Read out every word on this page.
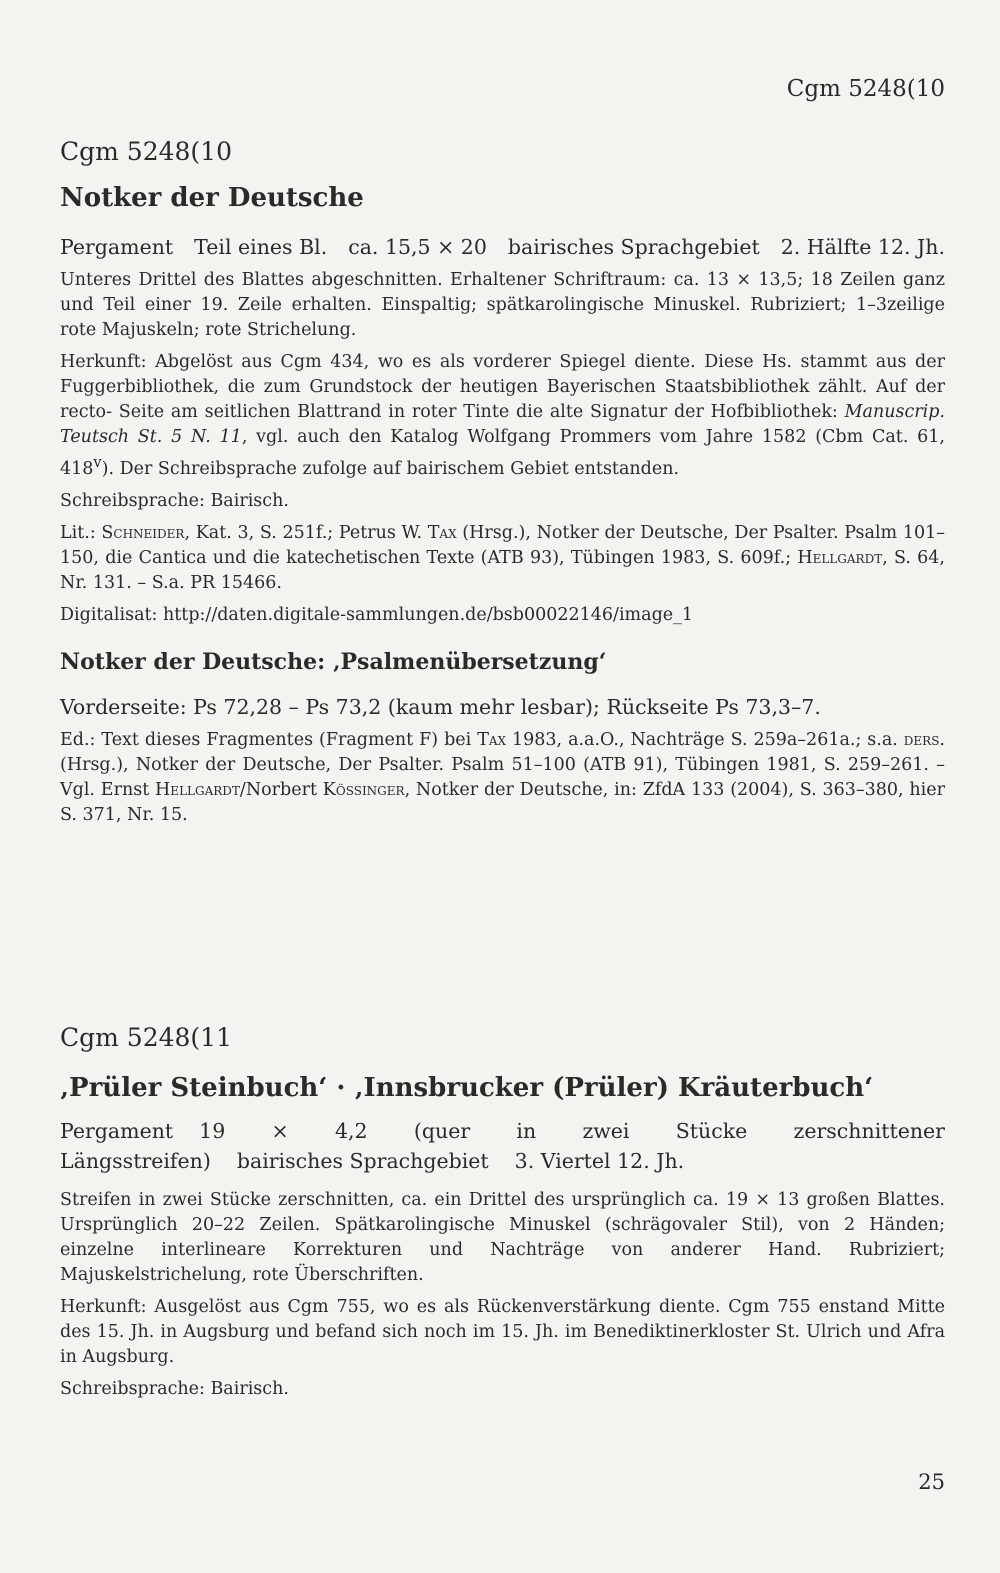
Cgm 5248(10
Cgm 5248(10
Notker der Deutsche
Pergament Teil eines Bl. ca. 15,5 × 20 bairisches Sprachgebiet 2. Hälfte 12. Jh.

Unteres Drittel des Blattes abgeschnitten. Erhaltener Schriftraum: ca. 13 × 13,5; 18 Zeilen ganz und Teil einer 19. Zeile erhalten. Einspaltig; spätkarolingische Minuskel. Rubriziert; 1–3zeilige rote Majuskeln; rote Strichelung.

Herkunft: Abgelöst aus Cgm 434, wo es als vorderer Spiegel diente. Diese Hs. stammt aus der Fuggerbibliothek, die zum Grundstock der heutigen Bayerischen Staatsbibliothek zählt. Auf der recto- Seite am seitlichen Blattrand in roter Tinte die alte Signatur der Hofbibliothek: Manuscrip. Teutsch St. 5 N. 11, vgl. auch den Katalog Wolfgang Prommers vom Jahre 1582 (Cbm Cat. 61, 418$^v$). Der Schreibsprache zufolge auf bairischem Gebiet entstanden.

Schreibsprache: Bairisch.

Lit.: Schneider, Kat. 3, S. 251f.; Petrus W. Tax (Hrsg.), Notker der Deutsche, Der Psalter. Psalm 101–150, die Cantica und die katechetischen Texte (ATB 93), Tübingen 1983, S. 609f.; Hellgardt, S. 64, Nr. 131. – S.a. PR 15466.

Digitalisat: http://daten.digitale-sammlungen.de/bsb00022146/image_1

Notker der Deutsche: ‚Psalmenübersetzung‘
Vorderseite: Ps 72,28 – Ps 73,2 (kaum mehr lesbar); Rückseite Ps 73,3–7.

Ed.: Text dieses Fragmentes (Fragment F) bei Tax 1983, a.a.O., Nachträge S. 259a–261a.; s.a. ders. (Hrsg.), Notker der Deutsche, Der Psalter. Psalm 51–100 (ATB 91), Tübingen 1981, S. 259–261. – Vgl. Ernst Hellgardt/Norbert Kössinger, Notker der Deutsche, in: ZfdA 133 (2004), S. 363–380, hier S. 371, Nr. 15.

Cgm 5248(11
‚Prüler Steinbuch‘ · ‚Innsbrucker (Prüler) Kräuterbuch‘
Pergament 19 × 4,2 (quer in zwei Stücke zerschnittener Längsstreifen) bairisches Sprachgebiet 3. Viertel 12. Jh.

Streifen in zwei Stücke zerschnitten, ca. ein Drittel des ursprünglich ca. 19 × 13 großen Blattes. Ursprünglich 20–22 Zeilen. Spätkarolingische Minuskel (schrägovaler Stil), von 2 Händen; einzelne interlineare Korrekturen und Nachträge von anderer Hand. Rubriziert; Majuskelstrichelung, rote Überschriften.

Herkunft: Ausgelöst aus Cgm 755, wo es als Rückenverstärkung diente. Cgm 755 enstand Mitte des 15. Jh. in Augsburg und befand sich noch im 15. Jh. im Benediktinerkloster St. Ulrich und Afra in Augsburg.

Schreibsprache: Bairisch.

25
